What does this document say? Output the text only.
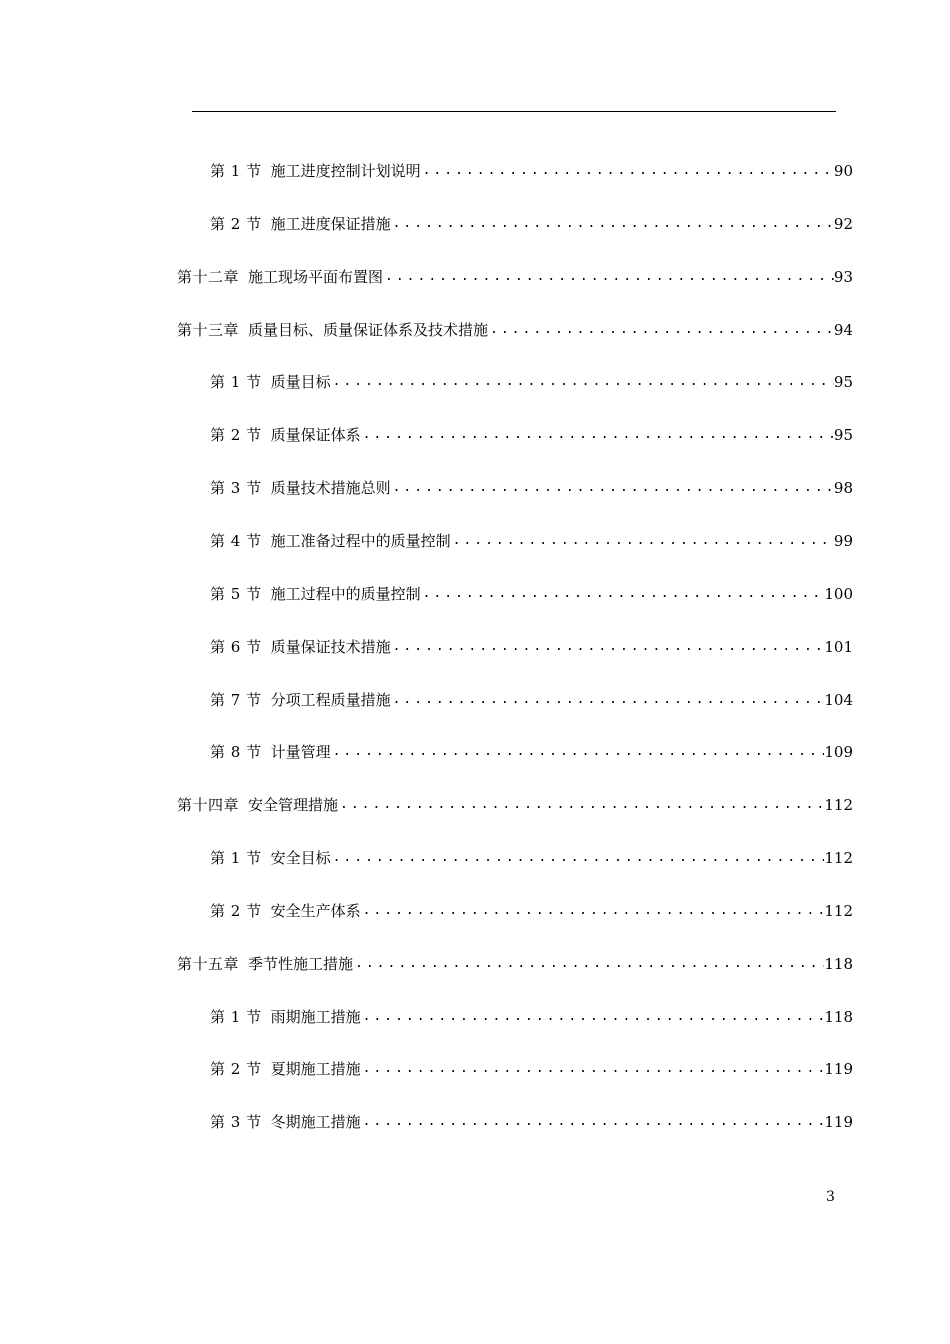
第 1 节 施工进度控制计划说明 .....	90
第 2 节 施工进度保证措施 .....	92
第十二章 施工现场平面布置图 .....	93
第十三章 质量目标、质量保证体系及技术措施 .....	94
第 1 节 质量目标 .....	95
第 2 节 质量保证体系 .....	95
第 3 节 质量技术措施总则 .....	98
第 4 节 施工准备过程中的质量控制 .....	99
第 5 节 施工过程中的质量控制 .....	100
第 6 节 质量保证技术措施 .....	101
第 7 节 分项工程质量措施 .....	104
第 8 节 计量管理 .....	109
第十四章 安全管理措施 .....	112
第 1 节 安全目标 .....	112
第 2 节 安全生产体系 .....	112
第十五章 季节性施工措施 .....	118
第 1 节 雨期施工措施 .....	118
第 2 节 夏期施工措施 .....	119
第 3 节 冬期施工措施 .....	119
3
